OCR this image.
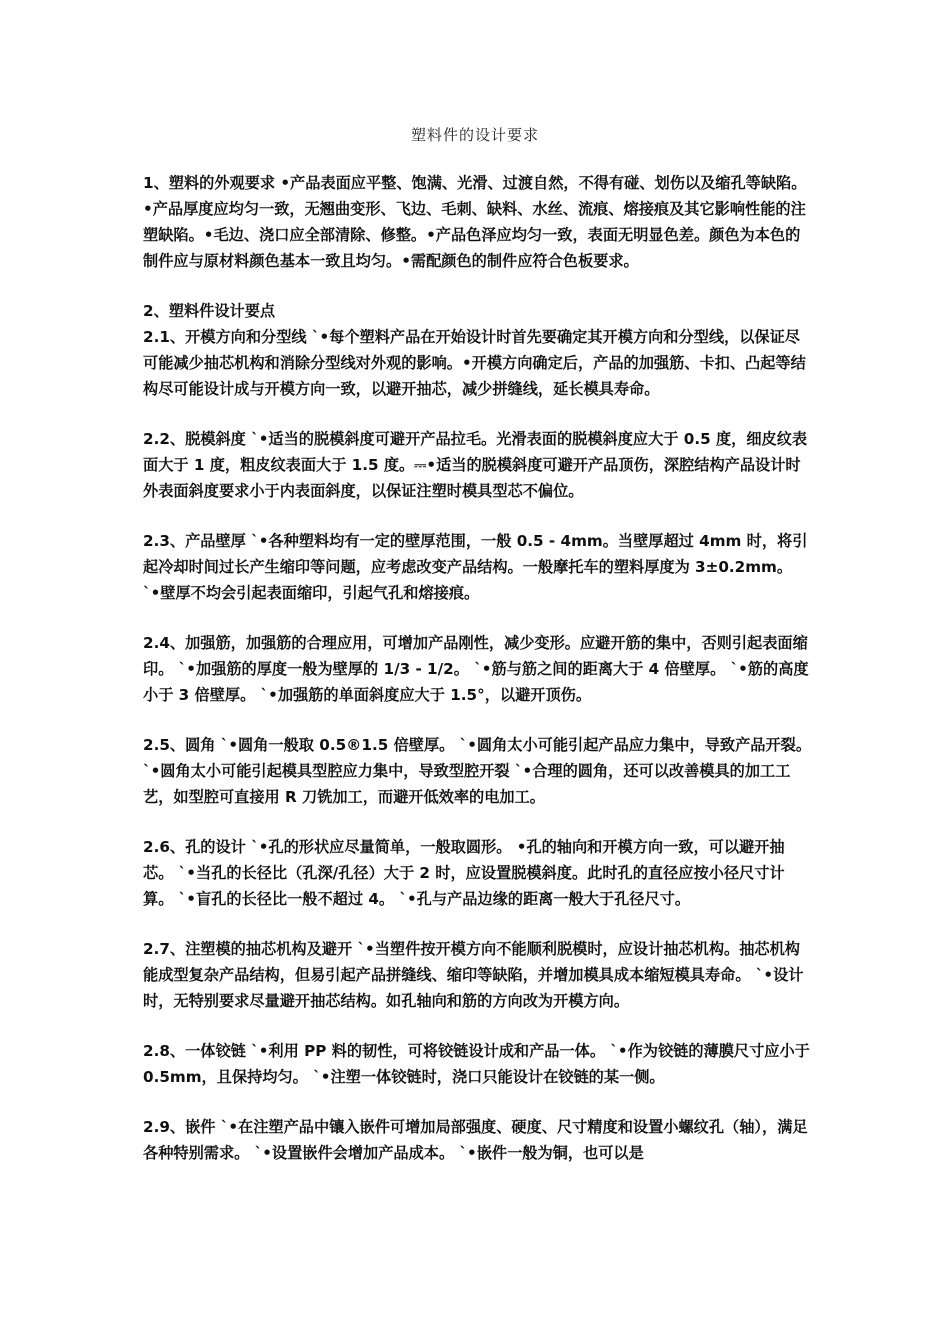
塑料件的设计要求

1、塑料的外观要求 •产品表面应平整、饱满、光滑、过渡自然，不得有碰、划伤以及缩孔等缺陷。•产品厚度应均匀一致，无翘曲变形、飞边、毛刺、缺料、水丝、流痕、熔接痕及其它影响性能的注塑缺陷。•毛边、浇口应全部清除、修整。•产品色泽应均匀一致，表面无明显色差。颜色为本色的制件应与原材料颜色基本一致且均匀。•需配颜色的制件应符合色板要求。

2、塑料件设计要点

2.1、开模方向和分型线 `•每个塑料产品在开始设计时首先要确定其开模方向和分型线，以保证尽可能减少抽芯机构和消除分型线对外观的影响。•开模方向确定后，产品的加强筋、卡扣、凸起等结构尽可能设计成与开模方向一致，以避开抽芯，减少拼缝线，延长模具寿命。

2.2、脱模斜度 `•适当的脱模斜度可避开产品拉毛。光滑表面的脱模斜度应大于 0.5 度，细皮纹表面大于 1 度，粗皮纹表面大于 1.5 度。⎓•适当的脱模斜度可避开产品顶伤，深腔结构产品设计时外表面斜度要求小于内表面斜度，以保证注塑时模具型芯不偏位。

2.3、产品壁厚 `•各种塑料均有一定的壁厚范围，一般 0.5 - 4mm。当壁厚超过 4mm 时，将引起冷却时间过长产生缩印等问题，应考虑改变产品结构。一般摩托车的塑料厚度为 3±0.2mm。 `•壁厚不均会引起表面缩印，引起气孔和熔接痕。

2.4、加强筋，加强筋的合理应用，可增加产品刚性，减少变形。应避开筋的集中，否则引起表面缩印。 `•加强筋的厚度一般为壁厚的 1/3 - 1/2。 `•筋与筋之间的距离大于 4 倍壁厚。 `•筋的高度小于 3 倍壁厚。 `•加强筋的单面斜度应大于 1.5°，以避开顶伤。

2.5、圆角 `•圆角一般取 0.5®1.5 倍壁厚。 `•圆角太小可能引起产品应力集中，导致产品开裂。 `•圆角太小可能引起模具型腔应力集中，导致型腔开裂 `•合理的圆角，还可以改善模具的加工工艺，如型腔可直接用 R 刀铣加工，而避开低效率的电加工。

2.6、孔的设计 `•孔的形状应尽量简单，一般取圆形。 •孔的轴向和开模方向一致，可以避开抽芯。 `•当孔的长径比（孔深/孔径）大于 2 时，应设置脱模斜度。此时孔的直径应按小径尺寸计算。 `•盲孔的长径比一般不超过 4。 `•孔与产品边缘的距离一般大于孔径尺寸。

2.7、注塑模的抽芯机构及避开 `•当塑件按开模方向不能顺利脱模时，应设计抽芯机构。抽芯机构能成型复杂产品结构，但易引起产品拼缝线、缩印等缺陷，并增加模具成本缩短模具寿命。 `•设计时，无特别要求尽量避开抽芯结构。如孔轴向和筋的方向改为开模方向。

2.8、一体铰链 `•利用 PP 料的韧性，可将铰链设计成和产品一体。 `•作为铰链的薄膜尺寸应小于 0.5mm，且保持均匀。 `•注塑一体铰链时，浇口只能设计在铰链的某一侧。

2.9、嵌件 `•在注塑产品中镶入嵌件可增加局部强度、硬度、尺寸精度和设置小螺纹孔（轴），满足各种特别需求。 `•设置嵌件会增加产品成本。 `•嵌件一般为铜，也可以是
